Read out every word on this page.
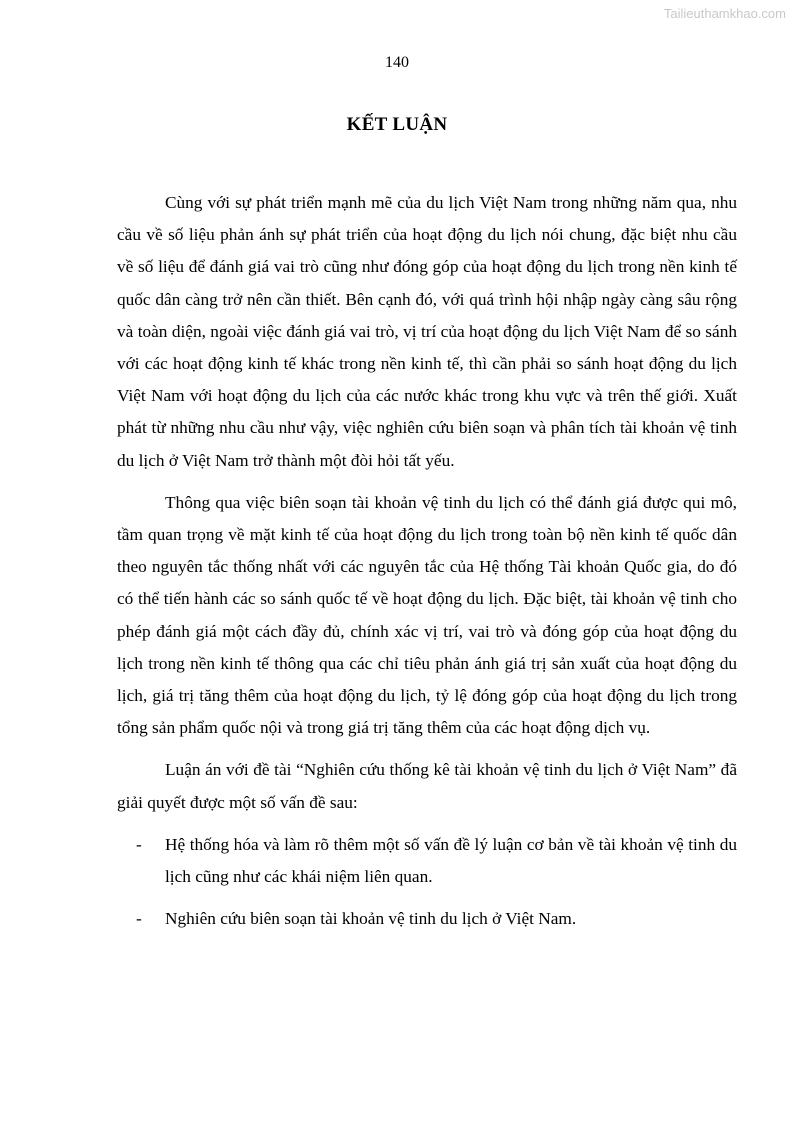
Tailieuthamkhao.com
140
KẾT LUẬN

Cùng với sự phát triển mạnh mẽ của du lịch Việt Nam trong những năm qua, nhu cầu về số liệu phản ánh sự phát triển của hoạt động du lịch nói chung, đặc biệt nhu cầu về số liệu để đánh giá vai trò cũng như đóng góp của hoạt động du lịch trong nền kinh tế quốc dân càng trở nên cần thiết. Bên cạnh đó, với quá trình hội nhập ngày càng sâu rộng và toàn diện, ngoài việc đánh giá vai trò, vị trí của hoạt động du lịch Việt Nam để so sánh với các hoạt động kinh tế khác trong nền kinh tế, thì cần phải so sánh hoạt động du lịch Việt Nam với hoạt động du lịch của các nước khác trong khu vực và trên thế giới. Xuất phát từ những nhu cầu như vậy, việc nghiên cứu biên soạn và phân tích tài khoản vệ tinh du lịch ở Việt Nam trở thành một đòi hỏi tất yếu.

Thông qua việc biên soạn tài khoản vệ tinh du lịch có thể đánh giá được qui mô, tầm quan trọng về mặt kinh tế của hoạt động du lịch trong toàn bộ nền kinh tế quốc dân theo nguyên tắc thống nhất với các nguyên tắc của Hệ thống Tài khoản Quốc gia, do đó có thể tiến hành các so sánh quốc tế về hoạt động du lịch. Đặc biệt, tài khoản vệ tinh cho phép đánh giá một cách đầy đủ, chính xác vị trí, vai trò và đóng góp của hoạt động du lịch trong nền kinh tế thông qua các chỉ tiêu phản ánh giá trị sản xuất của hoạt động du lịch, giá trị tăng thêm của hoạt động du lịch, tỷ lệ đóng góp của hoạt động du lịch trong tổng sản phẩm quốc nội và trong giá trị tăng thêm của các hoạt động dịch vụ.

Luận án với đề tài “Nghiên cứu thống kê tài khoản vệ tinh du lịch ở Việt Nam” đã giải quyết được một số vấn đề sau:

- Hệ thống hóa và làm rõ thêm một số vấn đề lý luận cơ bản về tài khoản vệ tinh du lịch cũng như các khái niệm liên quan.
- Nghiên cứu biên soạn tài khoản vệ tinh du lịch ở Việt Nam.
